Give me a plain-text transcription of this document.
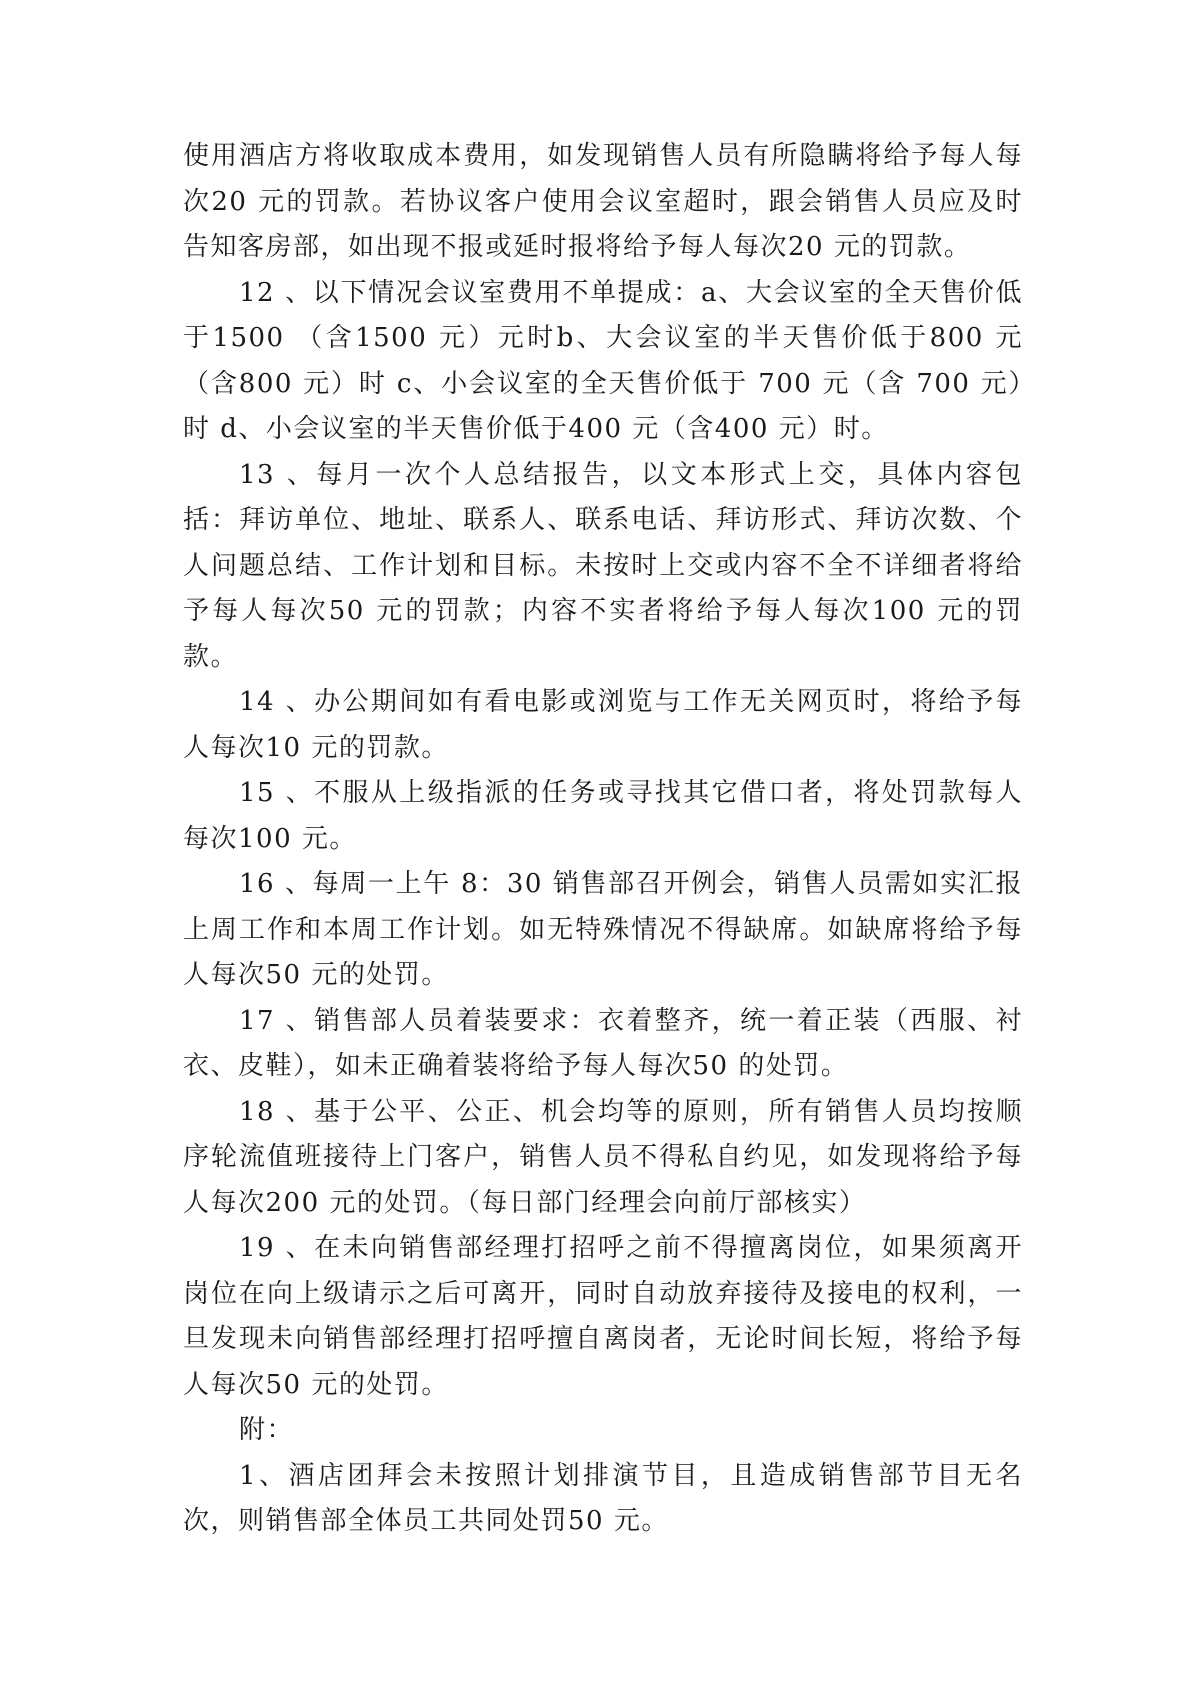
使用酒店方将收取成本费用，如发现销售人员有所隐瞒将给予每人每次20 元的罚款。若协议客户使用会议室超时，跟会销售人员应及时告知客房部，如出现不报或延时报将给予每人每次20 元的罚款。

12 、以下情况会议室费用不单提成：a、大会议室的全天售价低于1500 （含1500 元）元时b、大会议室的半天售价低于800 元（含800 元）时 c、小会议室的全天售价低于 700 元（含 700 元）时 d、小会议室的半天售价低于400 元（含400 元）时。

13 、每月一次个人总结报告，以文本形式上交，具体内容包括：拜访单位、地址、联系人、联系电话、拜访形式、拜访次数、个人问题总结、工作计划和目标。未按时上交或内容不全不详细者将给予每人每次50 元的罚款；内容不实者将给予每人每次100 元的罚款。

14 、办公期间如有看电影或浏览与工作无关网页时，将给予每人每次10 元的罚款。

15 、不服从上级指派的任务或寻找其它借口者，将处罚款每人每次100 元。

16 、每周一上午 8：30 销售部召开例会，销售人员需如实汇报上周工作和本周工作计划。如无特殊情况不得缺席。如缺席将给予每人每次50 元的处罚。

17 、销售部人员着装要求：衣着整齐，统一着正装（西服、衬衣、皮鞋），如未正确着装将给予每人每次50 的处罚。

18 、基于公平、公正、机会均等的原则，所有销售人员均按顺序轮流值班接待上门客户，销售人员不得私自约见，如发现将给予每人每次200 元的处罚。（每日部门经理会向前厅部核实）

19 、在未向销售部经理打招呼之前不得擅离岗位，如果须离开岗位在向上级请示之后可离开，同时自动放弃接待及接电的权利，一旦发现未向销售部经理打招呼擅自离岗者，无论时间长短，将给予每人每次50 元的处罚。

附：

1、酒店团拜会未按照计划排演节目，且造成销售部节目无名次，则销售部全体员工共同处罚50 元。
